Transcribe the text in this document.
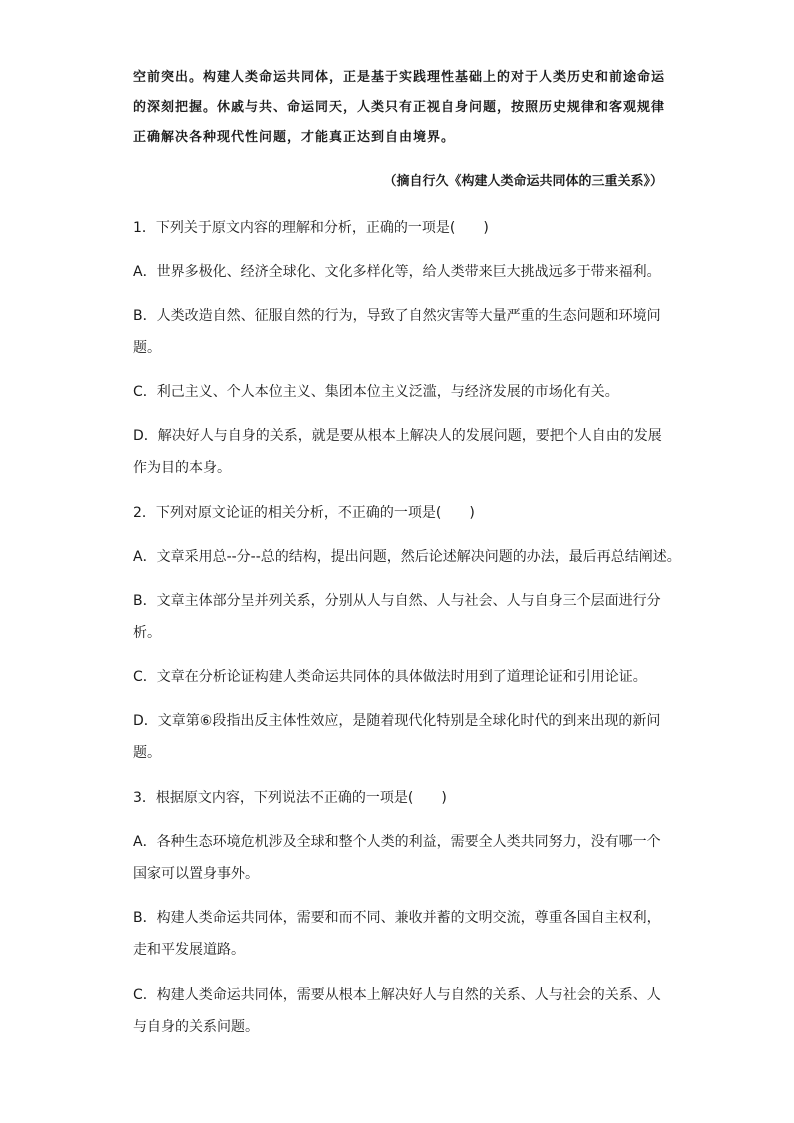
空前突出。构建人类命运共同体，正是基于实践理性基础上的对于人类历史和前途命运
的深刻把握。休戚与共、命运同天，人类只有正视自身问题，按照历史规律和客观规律
正确解决各种现代性问题，才能真正达到自由境界。
（摘自行久《构建人类命运共同体的三重关系》）
1．下列关于原文内容的理解和分析，正确的一项是(　　)
A．世界多极化、经济全球化、文化多样化等，给人类带来巨大挑战远多于带来福利。
B．人类改造自然、征服自然的行为，导致了自然灾害等大量严重的生态问题和环境问
题。
C．利己主义、个人本位主义、集团本位主义泛滥，与经济发展的市场化有关。
D．解决好人与自身的关系，就是要从根本上解决人的发展问题，要把个人自由的发展
作为目的本身。
2．下列对原文论证的相关分析，不正确的一项是(　　)
A．文章采用总--分--总的结构，提出问题，然后论述解决问题的办法，最后再总结阐述。
B．文章主体部分呈并列关系，分别从人与自然、人与社会、人与自身三个层面进行分
析。
C．文章在分析论证构建人类命运共同体的具体做法时用到了道理论证和引用论证。
D．文章第⑥段指出反主体性效应，是随着现代化特别是全球化时代的到来出现的新问
题。
3．根据原文内容，下列说法不正确的一项是(　　)
A．各种生态环境危机涉及全球和整个人类的利益，需要全人类共同努力，没有哪一个
国家可以置身事外。
B．构建人类命运共同体，需要和而不同、兼收并蓄的文明交流，尊重各国自主权利，
走和平发展道路。
C．构建人类命运共同体，需要从根本上解决好人与自然的关系、人与社会的关系、人
与自身的关系问题。
